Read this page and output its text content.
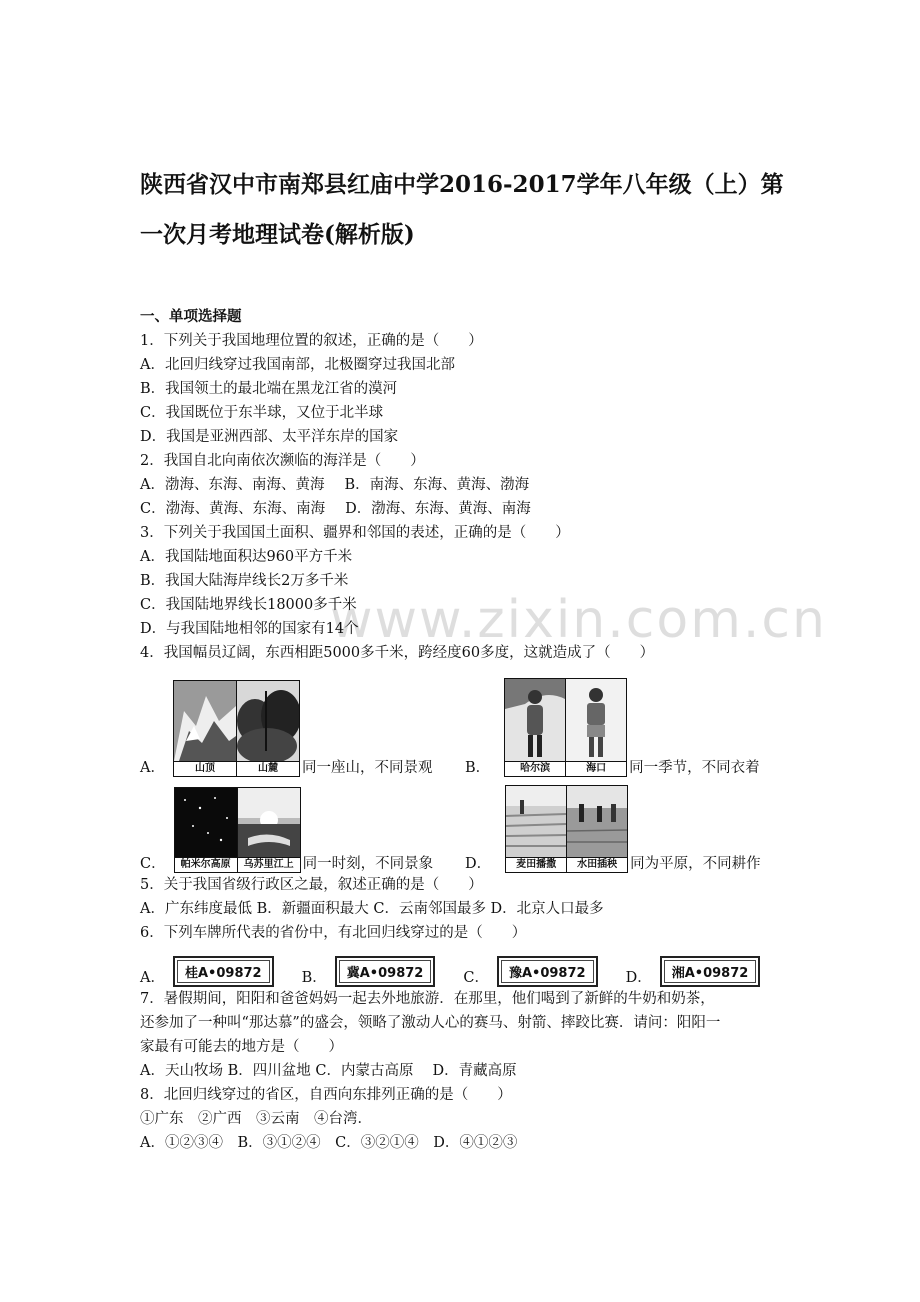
www.zixin.com.cn
陕西省汉中市南郑县红庙中学2016-2017学年八年级（上）第一次月考地理试卷(解析版)
一、单项选择题
1．下列关于我国地理位置的叙述，正确的是（　　）
A．北回归线穿过我国南部，北极圈穿过我国北部
B．我国领土的最北端在黑龙江省的漠河
C．我国既位于东半球，又位于北半球
D．我国是亚洲西部、太平洋东岸的国家
2．我国自北向南依次濒临的海洋是（　　）
A．渤海、东海、南海、黄海 B．南海、东海、黄海、渤海
C．渤海、黄海、东海、南海 D．渤海、东海、黄海、南海
3．下列关于我国国土面积、疆界和邻国的表述，正确的是（　　）
A．我国陆地面积达960平方千米
B．我国大陆海岸线长2万多千米
C．我国陆地界线长18000多千米
D．与我国陆地相邻的国家有14个
4．我国幅员辽阔，东西相距5000多千米，跨经度60多度，这就造成了（　　）
A．	山顶	山麓	同一座山，不同景观 B．	哈尔滨	海口	同一季节，不同衣着
C．	帕米尔高原	乌苏里江上 同一时刻，不同景象 D．	麦田播撒	水田插秧 同为平原，不同耕作
5．关于我国省级行政区之最，叙述正确的是（　　）
A．广东纬度最低 B．新疆面积最大 C．云南邻国最多 D．北京人口最多
6．下列车牌所代表的省份中，有北回归线穿过的是（　　）
A．	桂A•09872	B．	冀A•09872	C．	豫A•09872	D．	湘A•09872
7．暑假期间，阳阳和爸爸妈妈一起去外地旅游．在那里，他们喝到了新鲜的牛奶和奶茶，
还参加了一种叫“那达慕”的盛会，领略了激动人心的赛马、射箭、摔跤比赛．请问：阳阳一
家最有可能去的地方是（　　）
A．天山牧场 B．四川盆地 C．内蒙古高原　 D．青藏高原
8．北回归线穿过的省区，自西向东排列正确的是（　　）
①广东　②广西　③云南　④台湾．
A．①②③④　B．③①②④　C．③②①④　D．④①②③
